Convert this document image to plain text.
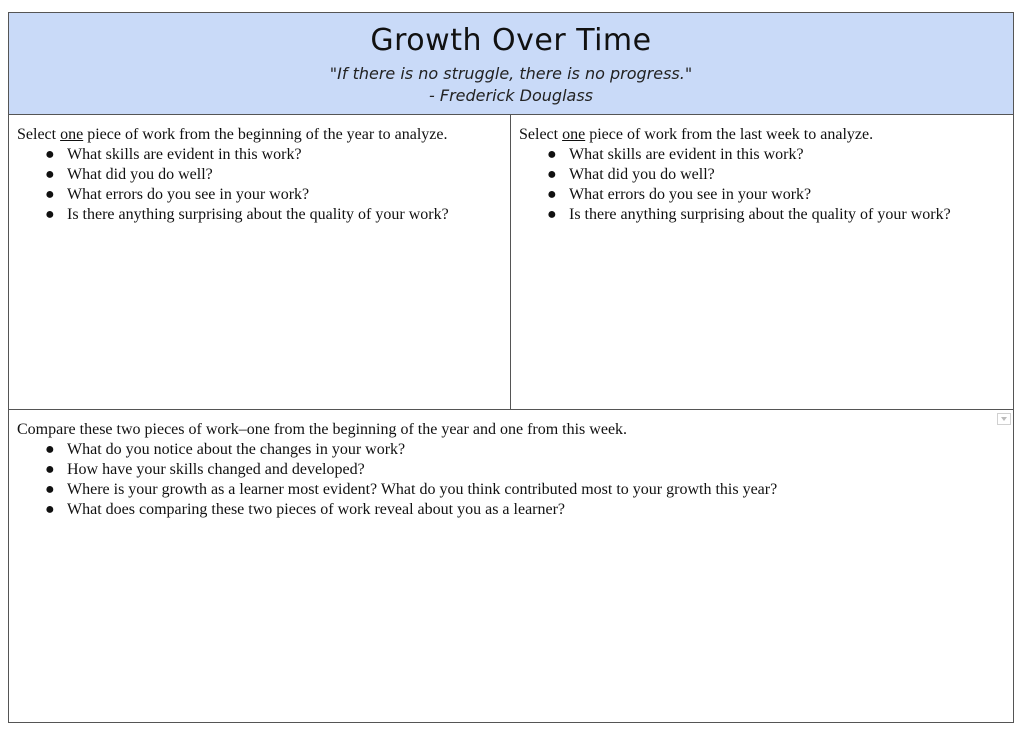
Growth Over Time
"If there is no struggle, there is no progress."
- Frederick Douglass

Select one piece of work from the beginning of the year to analyze.

● What skills are evident in this work?
● What did you do well?
● What errors do you see in your work?
● Is there anything surprising about the quality of your work?

Select one piece of work from the last week to analyze.

● What skills are evident in this work?
● What did you do well?
● What errors do you see in your work?
● Is there anything surprising about the quality of your work?

Compare these two pieces of work–one from the beginning of the year and one from this week.

● What do you notice about the changes in your work?
● How have your skills changed and developed?
● Where is your growth as a learner most evident? What do you think contributed most to your growth this year?
● What does comparing these two pieces of work reveal about you as a learner?
